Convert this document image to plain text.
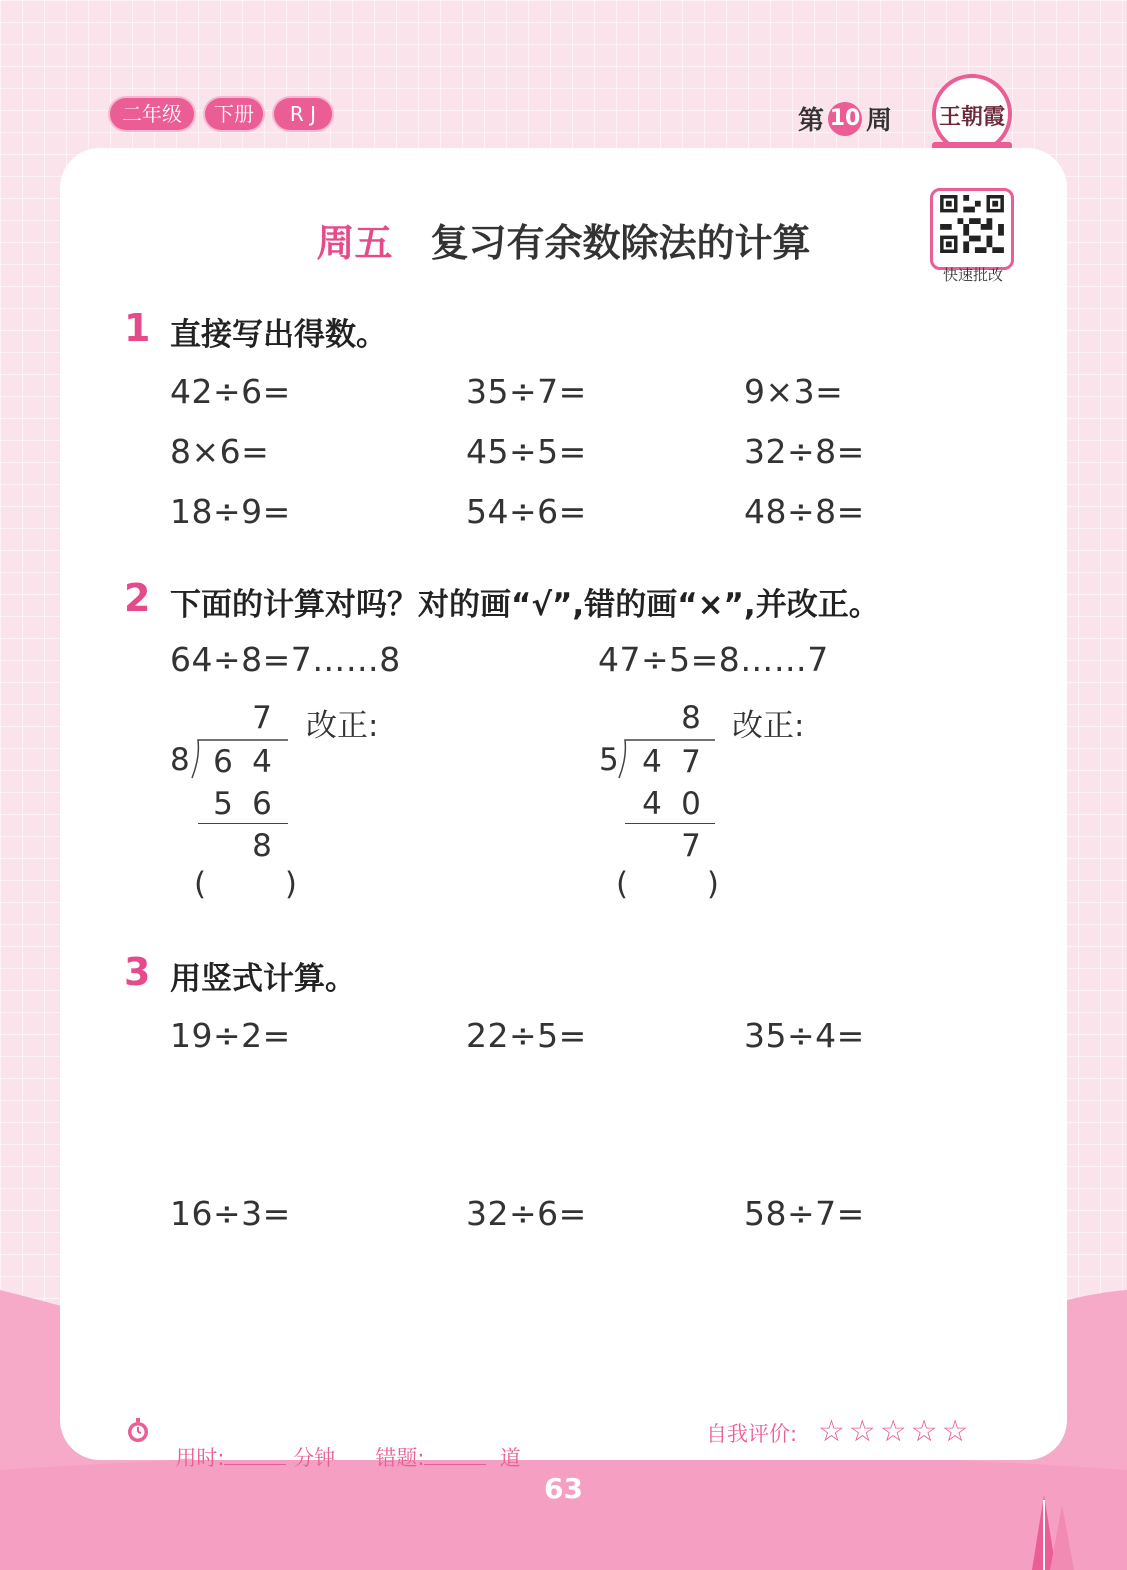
二年级	下册	R J	第 10 周 王朝霞
快速批改
周五 复习有余数除法的计算
1 直接写出得数。
42÷6=	35÷7=	9×3=
8×6=	45÷5=	32÷8=
18÷9=	54÷6=	48÷8=
2 下面的计算对吗？对的画“√”,错的画“×”,并改正。
64÷8=7……8
7 改正:
8 6 4
5 6
8
(        )
47÷5=8……7
8 改正:
5 4 7
4 0
7
(        )
3 用竖式计算。
19÷2=	22÷5=	35÷4=
16÷3=	32÷6=	58÷7=

用时:	分钟	错题:	道

自我评价: ☆☆☆☆☆
63
